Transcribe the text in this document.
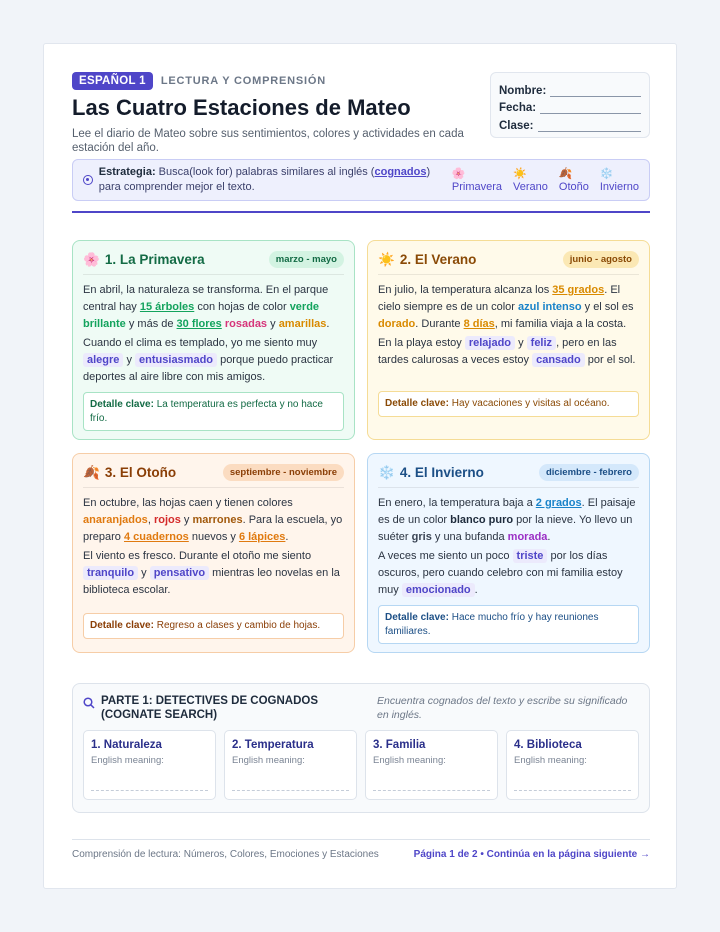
ESPAÑOL 1	LECTURA Y COMPRENSIÓN
Las Cuatro Estaciones de Mateo
Lee el diario de Mateo sobre sus sentimientos, colores y actividades en cada estación del año.
Nombre:
Fecha:
Clase:
Estrategia: Busca(look for) palabras similares al inglés (cognados) para comprender mejor el texto.
🌸
Primavera
☀️
Verano
🍂
Otoño
❄️
Invierno
🌸 1. La Primavera	marzo - mayo

En abril, la naturaleza se transforma. En el parque central hay 15 árboles con hojas de color verde brillante y más de 30 flores rosadas y amarillas.

Cuando el clima es templado, yo me siento muy alegre y entusiasmado porque puedo practicar deportes al aire libre con mis amigos.

Detalle clave: La temperatura es perfecta y no hace frío.
☀️ 2. El Verano	junio - agosto

En julio, la temperatura alcanza los 35 grados. El cielo siempre es de un color azul intenso y el sol es dorado. Durante 8 días, mi familia viaja a la costa.

En la playa estoy relajado y feliz , pero en las tardes calurosas a veces estoy cansado por el sol.

Detalle clave: Hay vacaciones y visitas al océano.
🍂 3. El Otoño	septiembre - noviembre

En octubre, las hojas caen y tienen colores anaranjados, rojos y marrones. Para la escuela, yo preparo 4 cuadernos nuevos y 6 lápices.

El viento es fresco. Durante el otoño me siento tranquilo y pensativo mientras leo novelas en la biblioteca escolar.

Detalle clave: Regreso a clases y cambio de hojas.
❄️ 4. El Invierno	diciembre - febrero

En enero, la temperatura baja a 2 grados. El paisaje es de un color blanco puro por la nieve. Yo llevo un suéter gris y una bufanda morada.

A veces me siento un poco triste por los días oscuros, pero cuando celebro con mi familia estoy muy emocionado .

Detalle clave: Hace mucho frío y hay reuniones familiares.
PARTE 1: DETECTIVES DE COGNADOS (COGNATE SEARCH)
Encuentra cognados del texto y escribe su significado en inglés.
1. Naturaleza
English meaning:
2. Temperatura
English meaning:
3. Familia
English meaning:
4. Biblioteca
English meaning:
Comprensión de lectura: Números, Colores, Emociones y Estaciones	Página 1 de 2 • Continúa en la página siguiente →
